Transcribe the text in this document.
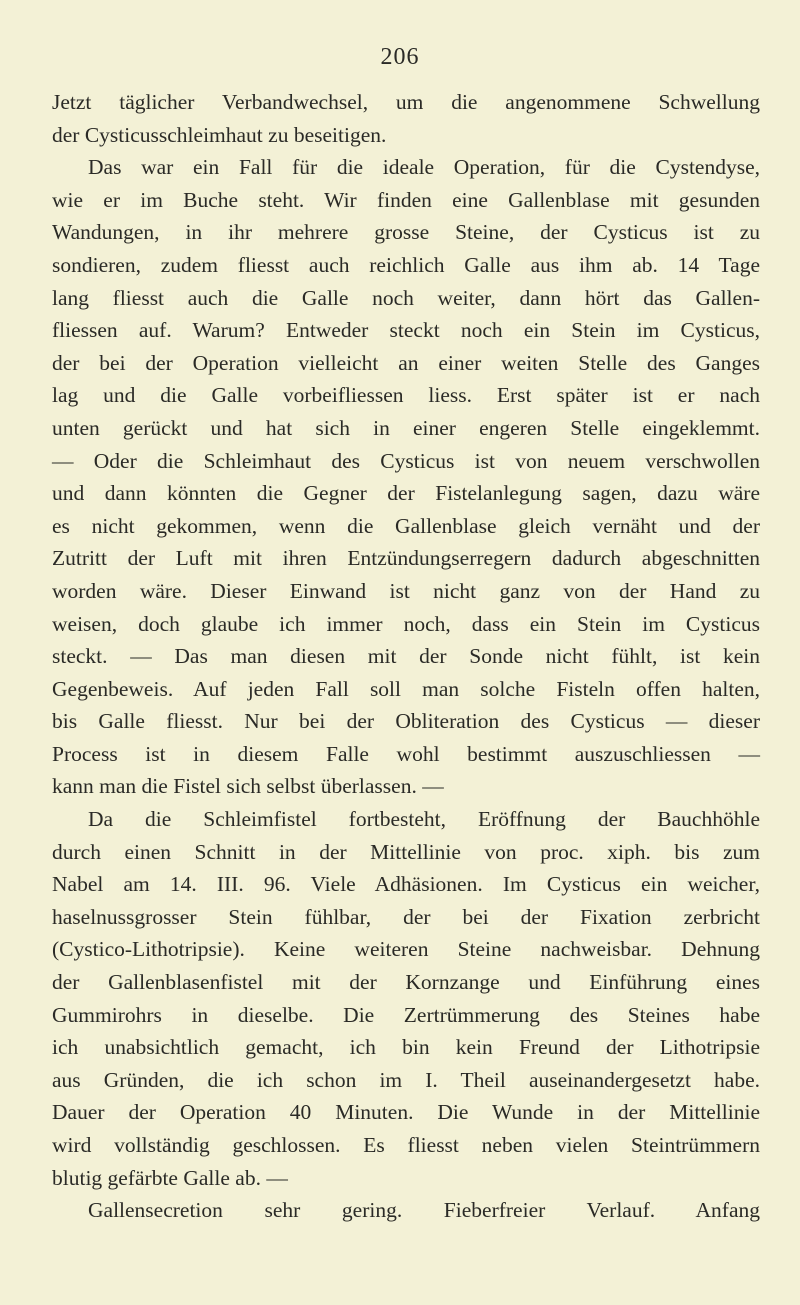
206
Jetzt täglicher Verbandwechsel, um die angenommene Schwellung
der Cysticusschleimhaut zu beseitigen.
Das war ein Fall für die ideale Operation, für die Cystendyse,
wie er im Buche steht. Wir finden eine Gallenblase mit gesunden
Wandungen, in ihr mehrere grosse Steine, der Cysticus ist zu
sondieren, zudem fliesst auch reichlich Galle aus ihm ab. 14 Tage
lang fliesst auch die Galle noch weiter, dann hört das Gallen-
fliessen auf. Warum? Entweder steckt noch ein Stein im Cysticus,
der bei der Operation vielleicht an einer weiten Stelle des Ganges
lag und die Galle vorbeifliessen liess. Erst später ist er nach
unten gerückt und hat sich in einer engeren Stelle eingeklemmt.
— Oder die Schleimhaut des Cysticus ist von neuem verschwollen
und dann könnten die Gegner der Fistelanlegung sagen, dazu wäre
es nicht gekommen, wenn die Gallenblase gleich vernäht und der
Zutritt der Luft mit ihren Entzündungserregern dadurch abgeschnitten
worden wäre. Dieser Einwand ist nicht ganz von der Hand zu
weisen, doch glaube ich immer noch, dass ein Stein im Cysticus
steckt. — Das man diesen mit der Sonde nicht fühlt, ist kein
Gegenbeweis. Auf jeden Fall soll man solche Fisteln offen halten,
bis Galle fliesst. Nur bei der Obliteration des Cysticus — dieser
Process ist in diesem Falle wohl bestimmt auszuschliessen —
kann man die Fistel sich selbst überlassen. —
Da die Schleimfistel fortbesteht, Eröffnung der Bauchhöhle
durch einen Schnitt in der Mittellinie von proc. xiph. bis zum
Nabel am 14. III. 96. Viele Adhäsionen. Im Cysticus ein weicher,
haselnussgrosser Stein fühlbar, der bei der Fixation zerbricht
(Cystico-Lithotripsie). Keine weiteren Steine nachweisbar. Dehnung
der Gallenblasenfistel mit der Kornzange und Einführung eines
Gummirohrs in dieselbe. Die Zertrümmerung des Steines habe
ich unabsichtlich gemacht, ich bin kein Freund der Lithotripsie
aus Gründen, die ich schon im I. Theil auseinandergesetzt habe.
Dauer der Operation 40 Minuten. Die Wunde in der Mittellinie
wird vollständig geschlossen. Es fliesst neben vielen Steintrümmern
blutig gefärbte Galle ab. —
Gallensecretion sehr gering. Fieberfreier Verlauf. Anfang
